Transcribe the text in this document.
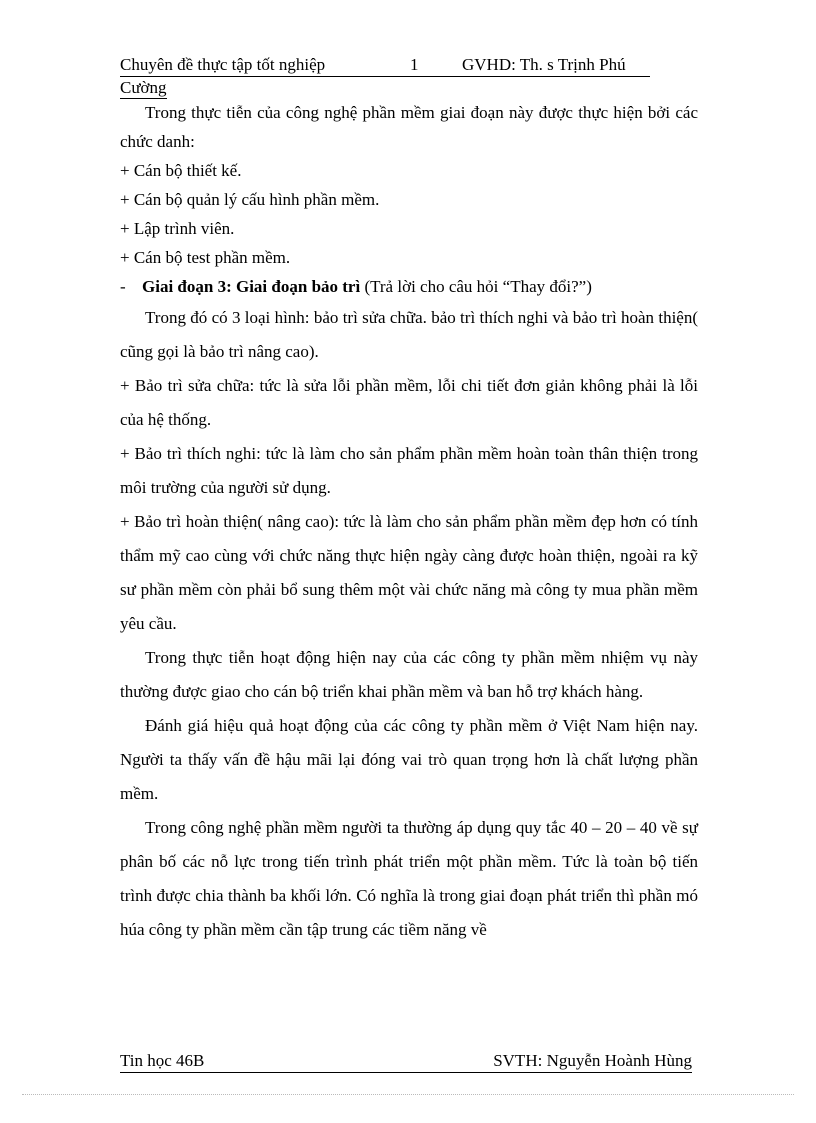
Chuyên đề thực tập tốt nghiệp	1	GVHD: Th. s Trịnh Phú
Cường

Trong thực tiễn của công nghệ phần mềm giai đoạn này được thực hiện bởi các chức danh:

+ Cán bộ thiết kế.

+ Cán bộ quản lý cấu hình phần mềm.

+ Lập trình viên.

+ Cán bộ test phần mềm.

- Giai đoạn 3: Giai đoạn bảo trì (Trả lời cho câu hỏi “Thay đổi?”)

Trong đó có 3 loại hình: bảo trì sửa chữa. bảo trì thích nghi và bảo trì hoàn thiện( cũng gọi là bảo trì nâng cao).

+ Bảo trì sửa chữa: tức là sửa lỗi phần mềm, lỗi chi tiết đơn giản không phải là lỗi của hệ thống.

+ Bảo trì thích nghi: tức là làm cho sản phẩm phần mềm hoàn toàn thân thiện trong môi trường của người sử dụng.

+ Bảo trì hoàn thiện( nâng cao): tức là làm cho sản phẩm phần mềm đẹp hơn có tính thẩm mỹ cao cùng với chức năng thực hiện ngày càng được hoàn thiện, ngoài ra kỹ sư phần mềm còn phải bổ sung thêm một vài chức năng mà công ty mua phần mềm yêu cầu.

Trong thực tiễn hoạt động hiện nay của các công ty phần mềm nhiệm vụ này thường được giao cho cán bộ triển khai phần mềm và ban hỗ trợ khách hàng.

Đánh giá hiệu quả hoạt động của các công ty phần mềm ở Việt Nam hiện nay. Người ta thấy vấn đề hậu mãi lại đóng vai trò quan trọng hơn là chất lượng phần mềm.

Trong công nghệ phần mềm người ta thường áp dụng quy tắc 40 – 20 – 40 về sự phân bố các nỗ lực trong tiến trình phát triển một phần mềm. Tức là toàn bộ tiến trình được chia thành ba khối lớn. Có nghĩa là trong giai đoạn phát triển thì phần mó húa công ty phần mềm cần tập trung các tiềm năng về

Tin học 46B	SVTH: Nguyễn Hoành Hùng
